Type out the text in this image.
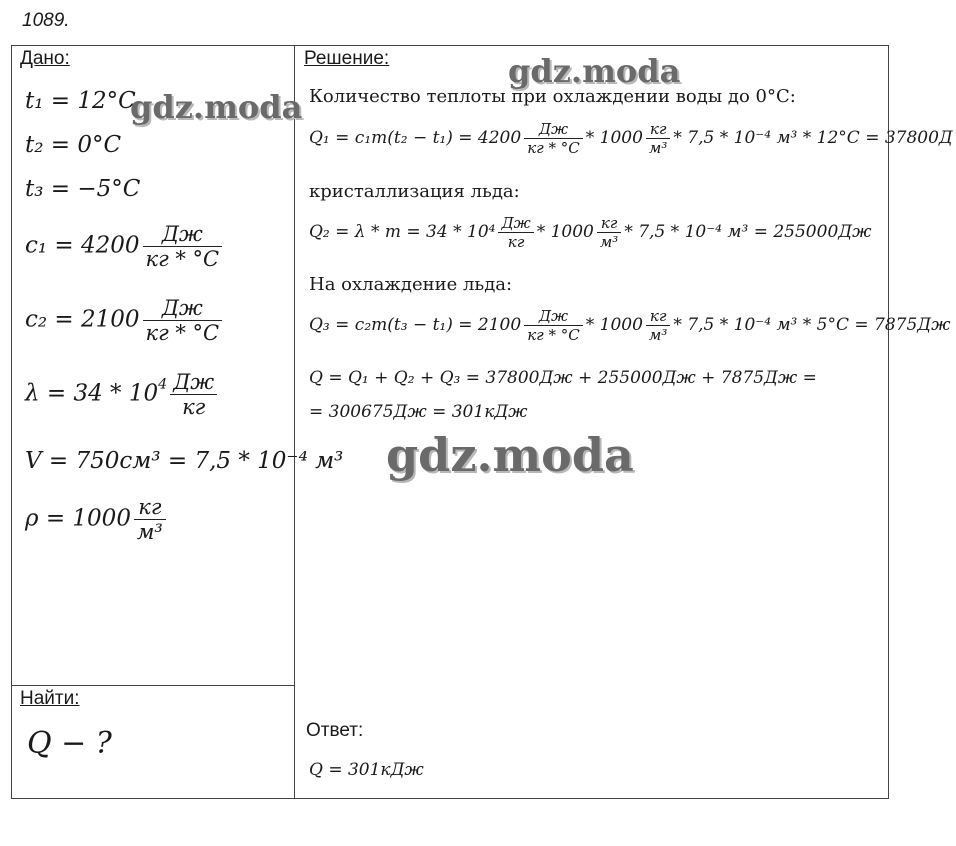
1089.
Дано:
t₁ = 12°C
t₂ = 0°C
t₃ = −5°C
c₁ = 4200	Дж
кг * °C
c₂ = 2100	Дж
кг * °C
$\lambda = 34 * 10^4$ Дж
кг
V = 750см³ = 7,5 * 10⁻⁴ м³
ρ = 1000 кг
м³
Найти:
Q − ?
Решение:
Количество теплоты при охлаждении воды до 0°C:
Q₁ = c₁m(t₂ − t₁) = 4200	Дж
кг * °C * 1000 кг
м³ * 7,5 * 10⁻⁴ м³ * 12°C = 37800Д
кристаллизация льда:
Q₂ = λ * m = 34 * 10⁴ Дж
кг * 1000 кг
м³ * 7,5 * 10⁻⁴ м³ = 255000Дж
На охлаждение льда:
Q₃ = c₂m(t₃ − t₁) = 2100	Дж
кг * °C * 1000 кг
м³ * 7,5 * 10⁻⁴ м³ * 5°C = 7875Дж
Q = Q₁ + Q₂ + Q₃ = 37800Дж + 255000Дж + 7875Дж =
= 300675Дж = 301кДж
Ответ:
Q = 301кДж
gdz.moda
gdz.moda
gdz.moda
